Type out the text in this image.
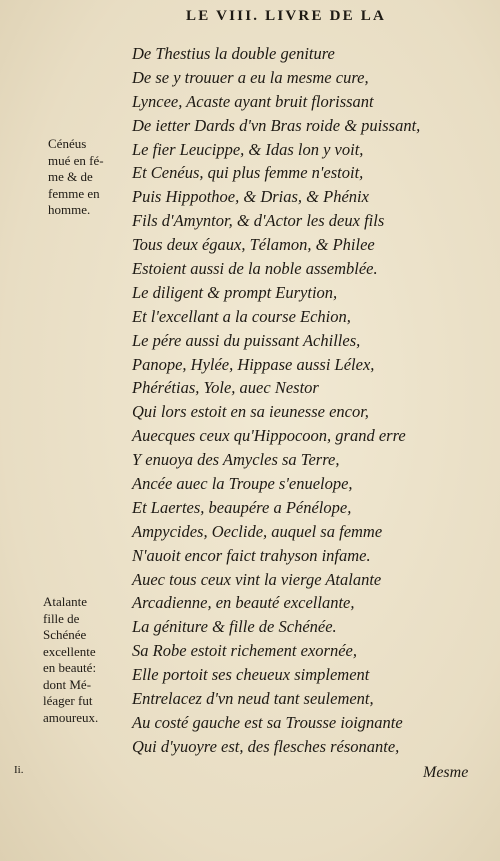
LE VIII. LIVRE DE LA
De Thestius la double geniture
De se y trouuer a eu la mesme cure,
Lyncee, Acaste ayant bruit florissant
De ietter Dards d'vn Bras roide & puissant,
Le fier Leucippe, & Idas lon y voit,
Et Cenéus, qui plus femme n'estoit,
Puis Hippothoe, & Drias, & Phénix
Fils d'Amyntor, & d'Actor les deux fils
Tous deux égaux, Télamon, & Philee
Estoient aussi de la noble assemblée.
Le diligent & prompt Eurytion,
Et l'excellant a la course Echion,
Le pére aussi du puissant Achilles,
Panope, Hylée, Hippase aussi Lélex,
Phérétias, Yole, auec Nestor
Qui lors estoit en sa ieunesse encor,
Auecques ceux qu'Hippocoon, grand erre
Y enuoya des Amycles sa Terre,
Ancée auec la Troupe s'enuelope,
Et Laertes, beaupére a Pénélope,
Ampycides, Oeclide, auquel sa femme
N'auoit encor faict trahyson infame.
Auec tous ceux vint la vierge Atalante
Arcadienne, en beauté excellante,
La géniture & fille de Schénée.
Sa Robe estoit richement exornée,
Elle portoit ses cheueux simplement
Entrelacez d'vn neud tant seulement,
Au costé gauche est sa Trousse ioignante
Qui d'yuoyre est, des flesches résonante,
Cénéus
mué en fé-
me & de
femme en
homme.
Atalante
fille de
Schénée
excellente
en beauté:
dont Mé-
léager fut
amoureux.
Mesme
Ii.
